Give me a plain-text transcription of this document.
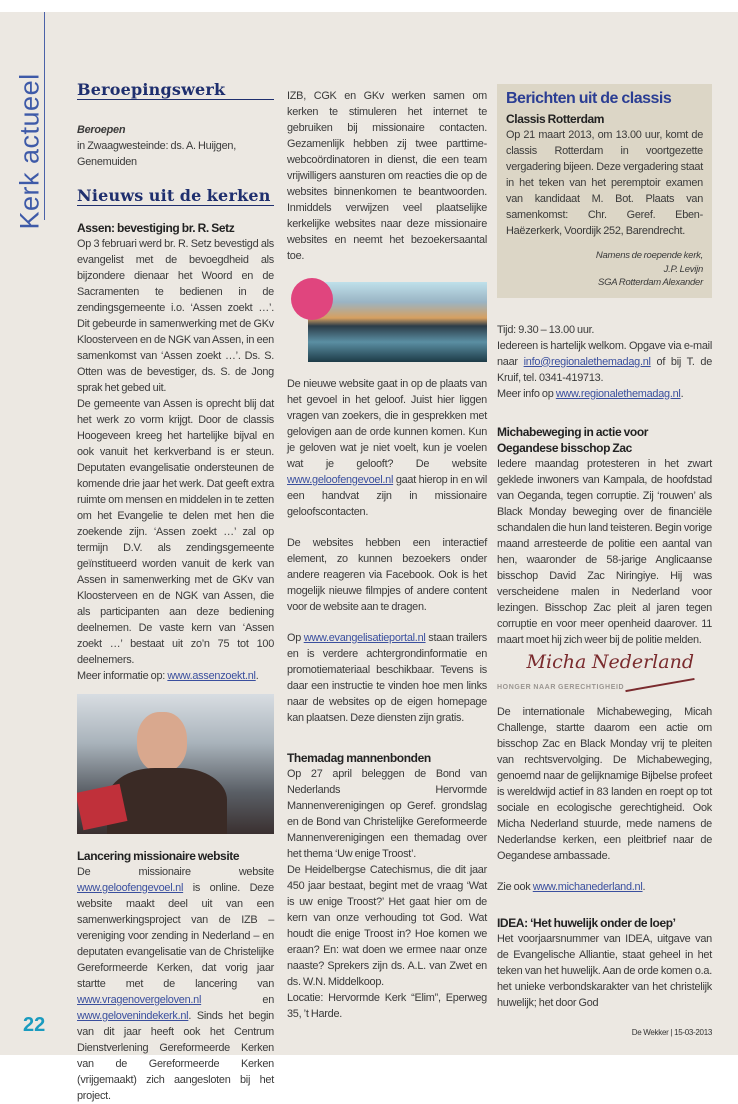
Kerk actueel Beroepingswerk

Beroepen

in Zwaagwesteinde: ds. A. Huijgen, Genemuiden

Nieuws uit de kerken

Assen: bevestiging br. R. Setz

Op 3 februari werd br. R. Setz bevestigd als evangelist met de bevoegdheid als bijzondere dienaar het Woord en de Sacramenten te bedienen in de zendingsgemeente i.o. ‘Assen zoekt …’. Dit gebeurde in samenwerking met de GKv Kloosterveen en de NGK van Assen, in een samenkomst van ‘Assen zoekt …’. Ds. S. Otten was de bevestiger, ds. S. de Jong sprak het gebed uit.

De gemeente van Assen is oprecht blij dat het werk zo vorm krijgt. Door de classis Hoogeveen kreeg het hartelijke bijval en ook vanuit het kerkverband is er steun. Deputaten evangelisatie ondersteunen de komende drie jaar het werk. Dat geeft extra ruimte om mensen en middelen in te zetten om het Evangelie te delen met hen die zoekende zijn. ‘Assen zoekt …’ zal op termijn D.V. als zendingsgemeente geïnstitueerd worden vanuit de kerk van Assen in samenwerking met de GKv van Kloosterveen en de NGK van Assen, die als participanten aan deze bediening deelnemen. De vaste kern van ‘Assen zoekt …’ bestaat uit zo’n 75 tot 100 deelnemers.

Meer informatie op: www.assenzoekt.nl.

Lancering missionaire website

De missionaire website www.geloofengevoel.nl is online. Deze website maakt deel uit van een samenwerkingsproject van de IZB – vereniging voor zending in Nederland – en deputaten evangelisatie van de Christelijke Gereformeerde Kerken, dat vorig jaar startte met de lancering van www.vragenovergeloven.nl en www.gelovenindekerk.nl. Sinds het begin van dit jaar heeft ook het Centrum Dienstverlening Gereformeerde Kerken van de Gereformeerde Kerken (vrijgemaakt) zich aangesloten bij het project.

IZB, CGK en GKv werken samen om kerken te stimuleren het internet te gebruiken bij missionaire contacten. Gezamenlijk hebben zij twee parttime-webcoördinatoren in dienst, die een team vrijwilligers aansturen om reacties die op de websites binnenkomen te beantwoorden. Inmiddels verwijzen veel plaatselijke kerkelijke websites naar deze missionaire websites en neemt het bezoekersaantal toe.

De nieuwe website gaat in op de plaats van het gevoel in het geloof. Juist hier liggen vragen van zoekers, die in gesprekken met gelovigen aan de orde kunnen komen. Kun je geloven wat je niet voelt, kun je voelen wat je gelooft? De website www.geloofengevoel.nl gaat hierop in en wil een handvat zijn in missionaire geloofscontacten.

De websites hebben een interactief element, zo kunnen bezoekers onder andere reageren via Facebook. Ook is het mogelijk nieuwe filmpjes of andere content voor de website aan te dragen.

Op www.evangelisatieportal.nl staan trailers en is verdere achtergrondinformatie en promotiemateriaal beschikbaar. Tevens is daar een instructie te vinden hoe men links naar de websites op de eigen homepage kan plaatsen. Deze diensten zijn gratis.

Themadag mannenbonden

Op 27 april beleggen de Bond van Nederlands Hervormde Mannenverenigingen op Geref. grondslag en de Bond van Christelijke Gereformeerde Mannenverenigingen een themadag over het thema ‘Uw enige Troost’.

De Heidelbergse Catechismus, die dit jaar 450 jaar bestaat, begint met de vraag ‘Wat is uw enige Troost?’ Het gaat hier om de kern van onze verhouding tot God. Wat houdt die enige Troost in? Hoe komen we eraan? En: wat doen we ermee naar onze naaste? Sprekers zijn ds. A.L. van Zwet en ds. W.N. Middelkoop.

Locatie: Hervormde Kerk “Elim”, Eperweg 35, ’t Harde.

Berichten uit de classis

Classis Rotterdam

Op 21 maart 2013, om 13.00 uur, komt de classis Rotterdam in voortgezette vergadering bijeen. Deze vergadering staat in het teken van het peremptoir examen van kandidaat M. Bot. Plaats van samenkomst: Chr. Geref. Eben-Haëzerkerk, Voordijk 252, Barendrecht.

Namens de roepende kerk,
J.P. Levijn
SGA Rotterdam Alexander

Tijd: 9.30 – 13.00 uur.

Iedereen is hartelijk welkom. Opgave via e-mail naar info@regionalethemadag.nl of bij T. de Kruif, tel. 0341-419713.

Meer info op www.regionalethemadag.nl.

Michabeweging in actie voor Oegandese bisschop Zac

Iedere maandag protesteren in het zwart geklede inwoners van Kampala, de hoofdstad van Oeganda, tegen corruptie. Zij ‘rouwen’ als Black Monday beweging over de financiële schandalen die hun land teisteren. Begin vorige maand arresteerde de politie een aantal van hen, waaronder de 58-jarige Anglicaanse bisschop David Zac Niringiye. Hij was verscheidene malen in Nederland voor lezingen. Bisschop Zac pleit al jaren tegen corruptie en voor meer openheid daarover. 11 maart moet hij zich weer bij de politie melden.

Micha Nederland
HONGER NAAR GERECHTIGHEID

De internationale Michabeweging, Micah Challenge, startte daarom een actie om bisschop Zac en Black Monday vrij te pleiten van rechtsvervolging. De Michabeweging, genoemd naar de gelijknamige Bijbelse profeet is wereldwijd actief in 83 landen en roept op tot sociale en ecologische gerechtigheid. Ook Micha Nederland stuurde, mede namens de Nederlandse kerken, een pleitbrief naar de Oegandese ambassade.

Zie ook www.michanederland.nl.

IDEA: ‘Het huwelijk onder de loep’

Het voorjaarsnummer van IDEA, uitgave van de Evangelische Alliantie, staat geheel in het teken van het huwelijk. Aan de orde komen o.a. het unieke verbondskarakter van het christelijk huwelijk; het door God

De Wekker | 15-03-2013
22
